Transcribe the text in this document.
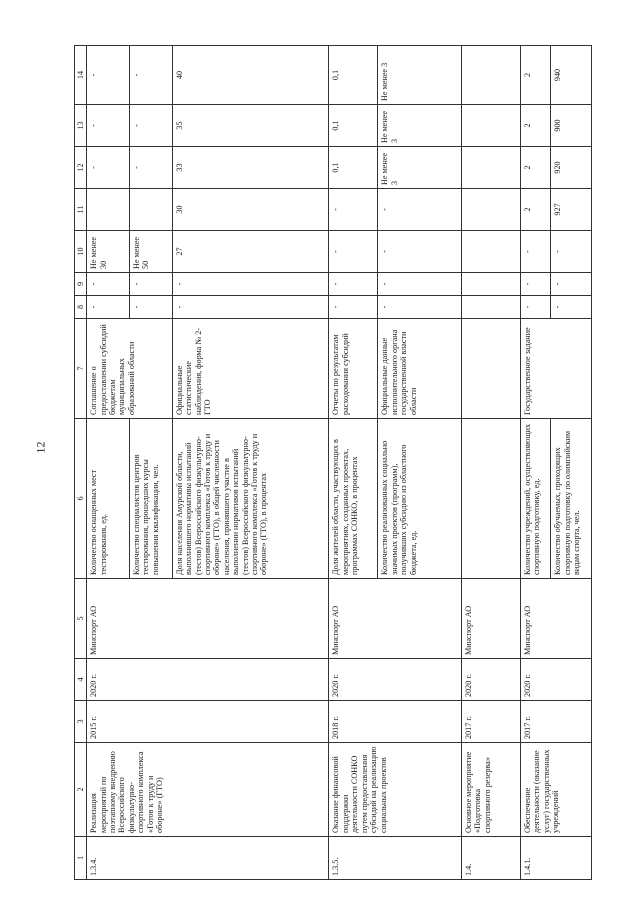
12
1	2	3	4	5	6	7	8	9	10	11	12	13	14
1.3.4.	Реализация мероприятий по поэтапному внедрению Всероссийского физкультурно-спортивного комплекса «Готов к труду и обороне» (ГТО)	2015 г.	2020 г.	Минспорт АО	Количество оснащенных мест тестирования, ед.	Соглашение о предоставлении субсидий бюджетам муниципальных образований области	-	-	Не менее 30		-	-	-
					Количество специалистов центров тестирования, прошедших курсы повышения квалификации, чел.		-	-	Не менее 50		-	-	-
					Доля населения Амурской области, выполнившего нормативы испытаний (тестов) Всероссийского физкультурно-спортивного комплекса «Готов к труду и обороне» (ГТО), в общей численности населения, принявшего участие в выполнении нормативов испытаний (тестов) Всероссийского физкультурно-спортивного комплекса «Готов к труду и обороне» (ГТО), в процентах	Официальные статистические наблюдения, форма № 2-ГТО	-	-	27	30	33	35	40
1.3.5.	Оказание финансовой поддержки деятельности СОНКО путем предоставления субсидий на реализацию социальных проектов	2018 г.	2020 г.	Минспорт АО	Доля жителей области, участвующих в мероприятиях, созданных проектах, программах СОНКО, в процентах	Отчеты по результатам расходования субсидий	-	-	-	-	0,1	0,1	0,1
					Количество реализованных социально значимых проектов (программ), получивших субсидию из областного бюджета, ед.	Официальные данные исполнительного органа государственной власти области	-	-	-	-	Не менее 3	Не менее 3	Не менее 3
1.4.	Основное мероприятие «Подготовка спортивного резерва»	2017 г.	2020 г.	Минспорт АО									
1.4.1.	Обеспечение деятельности (оказание услуг) государственных учреждений	2017 г.	2020 г.	Минспорт АО	Количество учреждений, осуществляющих спортивную подготовку, ед.	Государственное задание	-	-	-	2	2	2	2
					Количество обучаемых, проходящих спортивную подготовку по олимпийским видам спорта, чел.		-	-	-	927	920	900	940
